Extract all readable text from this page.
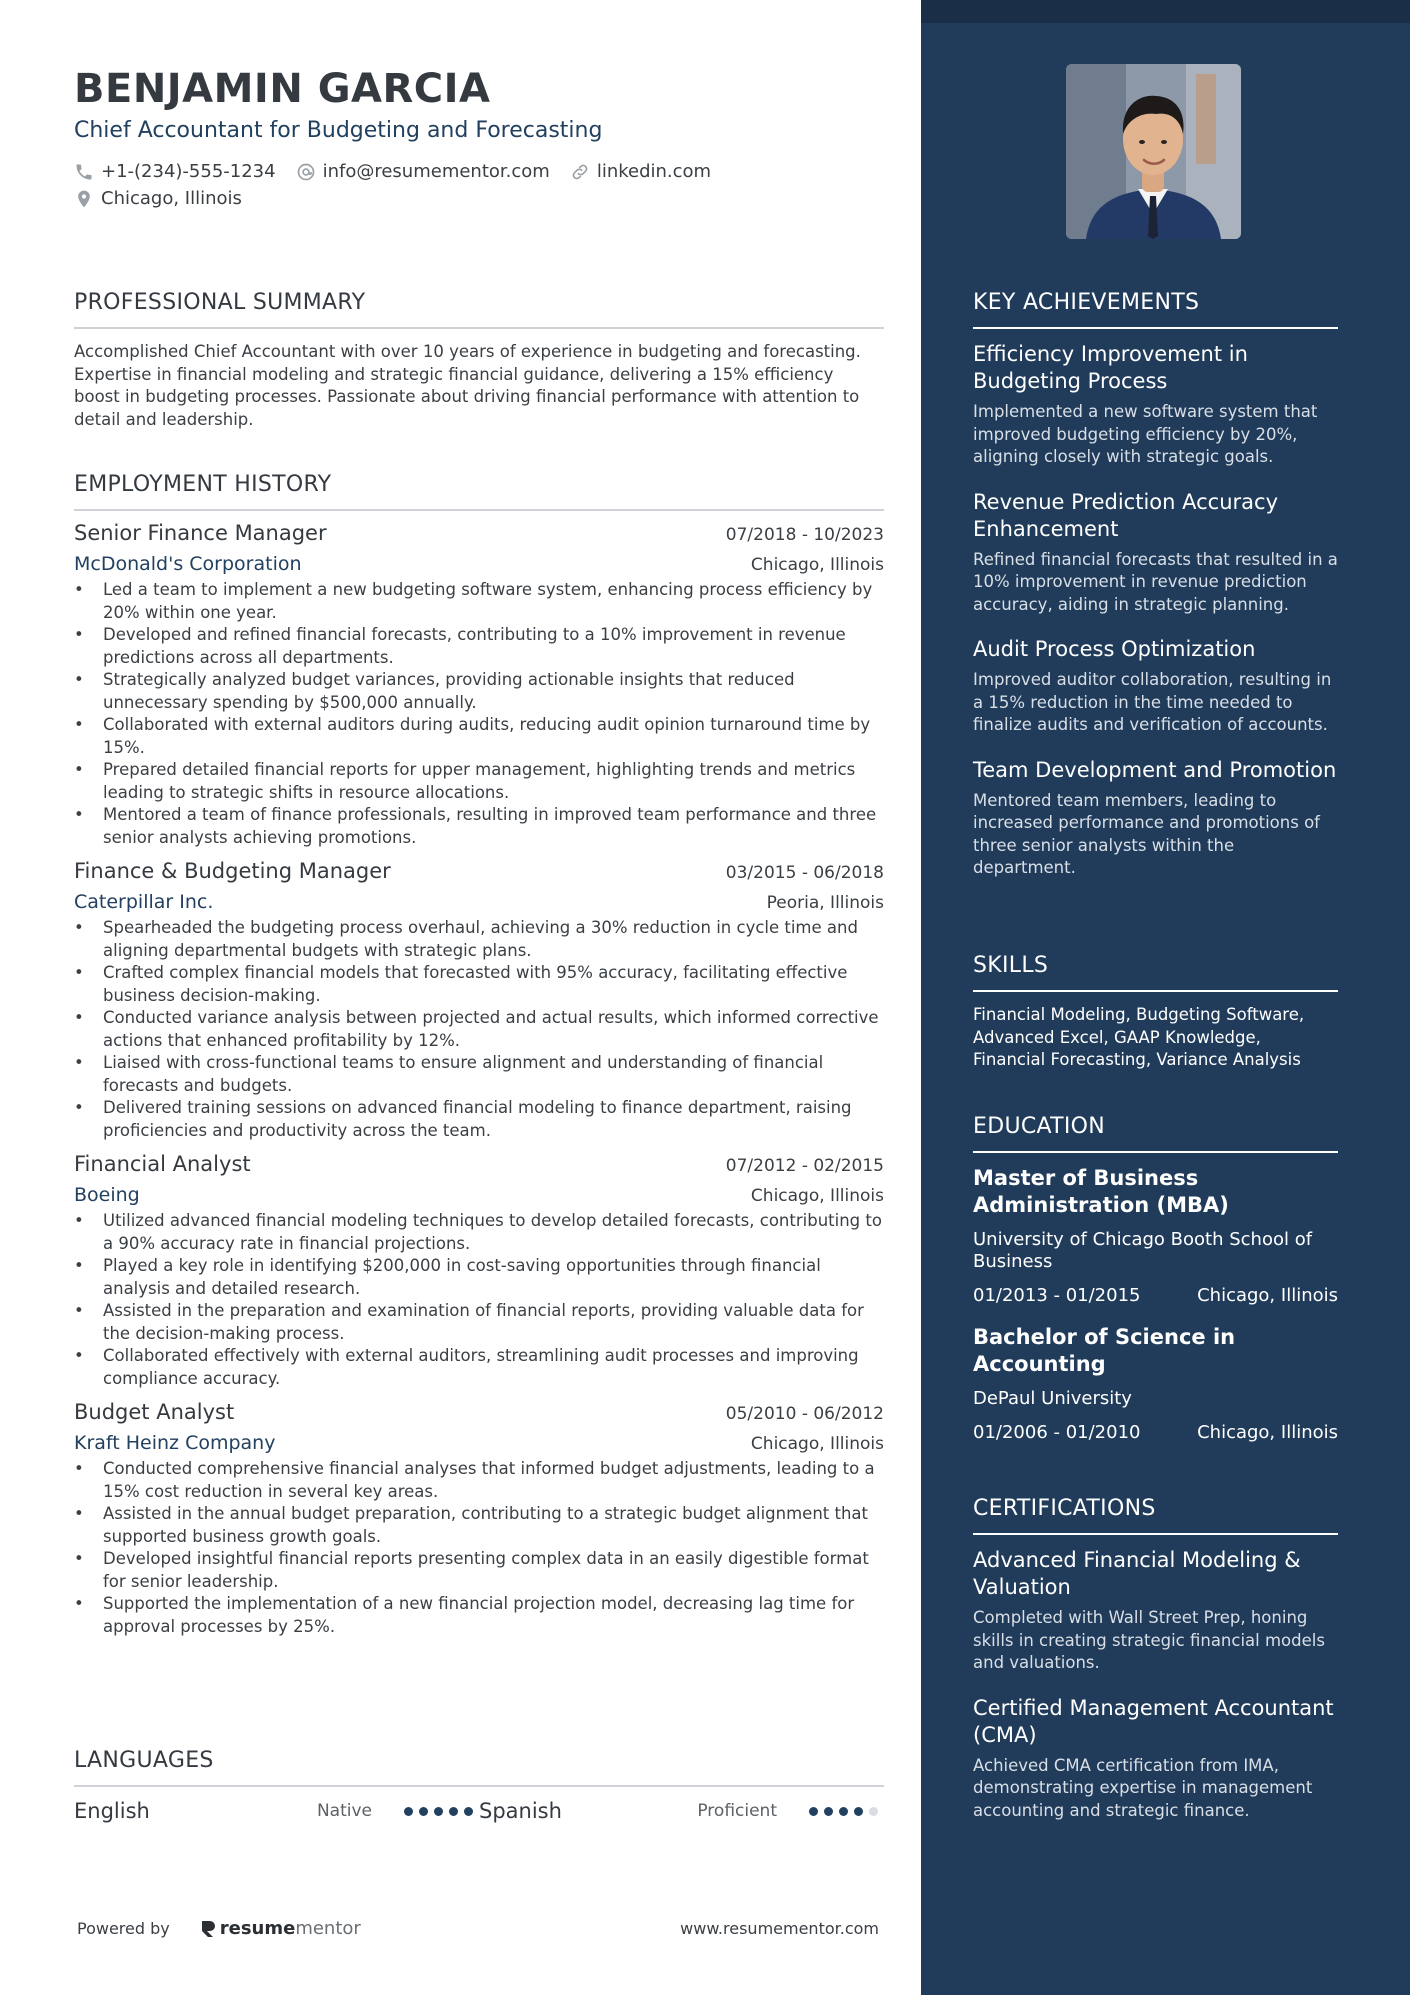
BENJAMIN GARCIA
Chief Accountant for Budgeting and Forecasting
+1-(234)-555-1234	info@resumementor.com	linkedin.com
Chicago, Illinois
PROFESSIONAL SUMMARY

Accomplished Chief Accountant with over 10 years of experience in budgeting and forecasting. Expertise in financial modeling and strategic financial guidance, delivering a 15% efficiency boost in budgeting processes. Passionate about driving financial performance with attention to detail and leadership.

EMPLOYMENT HISTORY
Senior Finance Manager	07/2018 - 10/2023
McDonald's Corporation	Chicago, Illinois
• Led a team to implement a new budgeting software system, enhancing process efficiency by 20% within one year.
• Developed and refined financial forecasts, contributing to a 10% improvement in revenue predictions across all departments.
• Strategically analyzed budget variances, providing actionable insights that reduced unnecessary spending by $500,000 annually.
• Collaborated with external auditors during audits, reducing audit opinion turnaround time by 15%.
• Prepared detailed financial reports for upper management, highlighting trends and metrics leading to strategic shifts in resource allocations.
• Mentored a team of finance professionals, resulting in improved team performance and three senior analysts achieving promotions.
Finance & Budgeting Manager	03/2015 - 06/2018
Caterpillar Inc.	Peoria, Illinois
• Spearheaded the budgeting process overhaul, achieving a 30% reduction in cycle time and aligning departmental budgets with strategic plans.
• Crafted complex financial models that forecasted with 95% accuracy, facilitating effective business decision-making.
• Conducted variance analysis between projected and actual results, which informed corrective actions that enhanced profitability by 12%.
• Liaised with cross-functional teams to ensure alignment and understanding of financial forecasts and budgets.
• Delivered training sessions on advanced financial modeling to finance department, raising proficiencies and productivity across the team.
Financial Analyst	07/2012 - 02/2015
Boeing	Chicago, Illinois
• Utilized advanced financial modeling techniques to develop detailed forecasts, contributing to a 90% accuracy rate in financial projections.
• Played a key role in identifying $200,000 in cost-saving opportunities through financial analysis and detailed research.
• Assisted in the preparation and examination of financial reports, providing valuable data for the decision-making process.
• Collaborated effectively with external auditors, streamlining audit processes and improving compliance accuracy.
Budget Analyst	05/2010 - 06/2012
Kraft Heinz Company	Chicago, Illinois
• Conducted comprehensive financial analyses that informed budget adjustments, leading to a 15% cost reduction in several key areas.
• Assisted in the annual budget preparation, contributing to a strategic budget alignment that supported business growth goals.
• Developed insightful financial reports presenting complex data in an easily digestible format for senior leadership.
• Supported the implementation of a new financial projection model, decreasing lag time for approval processes by 25%.
LANGUAGES
English	Native	Spanish	Proficient
Powered by	resume mentor	www.resumementor.com
KEY ACHIEVEMENTS
Efficiency Improvement in Budgeting Process
Implemented a new software system that improved budgeting efficiency by 20%, aligning closely with strategic goals.
Revenue Prediction Accuracy Enhancement
Refined financial forecasts that resulted in a 10% improvement in revenue prediction accuracy, aiding in strategic planning.
Audit Process Optimization
Improved auditor collaboration, resulting in a 15% reduction in the time needed to finalize audits and verification of accounts.
Team Development and Promotion
Mentored team members, leading to increased performance and promotions of three senior analysts within the department.
SKILLS
Financial Modeling, Budgeting Software, Advanced Excel, GAAP Knowledge, Financial Forecasting, Variance Analysis
EDUCATION
Master of Business Administration (MBA)
University of Chicago Booth School of Business
01/2013 - 01/2015	Chicago, Illinois
Bachelor of Science in Accounting
DePaul University
01/2006 - 01/2010	Chicago, Illinois
CERTIFICATIONS
Advanced Financial Modeling & Valuation
Completed with Wall Street Prep, honing skills in creating strategic financial models and valuations.
Certified Management Accountant (CMA)
Achieved CMA certification from IMA, demonstrating expertise in management accounting and strategic finance.
